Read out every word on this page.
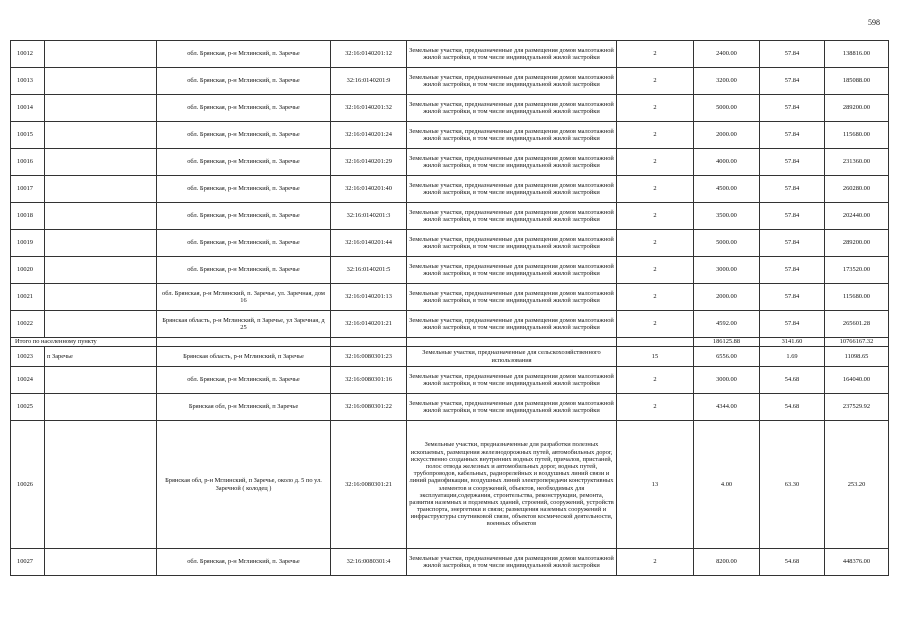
598
10012		обл. Брянская, р-н Мглинский, п. Заречье	32:16:0140201:12	Земельные участки, предназначенные для размещения домов малоэтажной жилой застройки, в том числе индивидуальной жилой застройки	2	2400.00	57.84	138816.00
10013		обл. Брянская, р-н Мглинский, п. Заречье	32:16:0140201:9	Земельные участки, предназначенные для размещения домов малоэтажной жилой застройки, в том числе индивидуальной жилой застройки	2	3200.00	57.84	185088.00
10014		обл. Брянская, р-н Мглинский, п. Заречье	32:16:0140201:32	Земельные участки, предназначенные для размещения домов малоэтажной жилой застройки, в том числе индивидуальной жилой застройки	2	5000.00	57.84	289200.00
10015		обл. Брянская, р-н Мглинский, п. Заречье	32:16:0140201:24	Земельные участки, предназначенные для размещения домов малоэтажной жилой застройки, в том числе индивидуальной жилой застройки	2	2000.00	57.84	115680.00
10016		обл. Брянская, р-н Мглинский, п. Заречье	32:16:0140201:29	Земельные участки, предназначенные для размещения домов малоэтажной жилой застройки, в том числе индивидуальной жилой застройки	2	4000.00	57.84	231360.00
10017		обл. Брянская, р-н Мглинский, п. Заречье	32:16:0140201:40	Земельные участки, предназначенные для размещения домов малоэтажной жилой застройки, в том числе индивидуальной жилой застройки	2	4500.00	57.84	260280.00
10018		обл. Брянская, р-н Мглинский, п. Заречье	32:16:0140201:3	Земельные участки, предназначенные для размещения домов малоэтажной жилой застройки, в том числе индивидуальной жилой застройки	2	3500.00	57.84	202440.00
10019		обл. Брянская, р-н Мглинский, п. Заречье	32:16:0140201:44	Земельные участки, предназначенные для размещения домов малоэтажной жилой застройки, в том числе индивидуальной жилой застройки	2	5000.00	57.84	289200.00
10020		обл. Брянская, р-н Мглинский, п. Заречье	32:16:0140201:5	Земельные участки, предназначенные для размещения домов малоэтажной жилой застройки, в том числе индивидуальной жилой застройки	2	3000.00	57.84	173520.00
10021		обл. Брянская, р-н Мглинский, п. Заречье, ул. Заречная, дом 16	32:16:0140201:13	Земельные участки, предназначенные для размещения домов малоэтажной жилой застройки, в том числе индивидуальной жилой застройки	2	2000.00	57.84	115680.00
10022		Брянская область, р-н Мглинский, п Заречье, ул Заречная, д 25	32:16:0140201:21	Земельные участки, предназначенные для размещения домов малоэтажной жилой застройки, в том числе индивидуальной жилой застройки	2	4592.00	57.84	265601.28
Итого по населенному пункту						186125.88	3141.60	10766167.32
10023	п Заречье	Брянская область, р-н Мглинский, п Заречье	32:16:0080301:23	Земельные участки, предназначенные для сельскохозяйственного использования	15	6556.00	1.69	11098.65
10024		обл. Брянская, р-н Мглинский, п. Заречье	32:16:0080301:16	Земельные участки, предназначенные для размещения домов малоэтажной жилой застройки, в том числе индивидуальной жилой застройки	2	3000.00	54.68	164040.00
10025		Брянская обл, р-н Мглинский, п Заречье	32:16:0080301:22	Земельные участки, предназначенные для размещения домов малоэтажной жилой застройки, в том числе индивидуальной жилой застройки	2	4344.00	54.68	237529.92
10026		Брянская обл, р-н Мглинский, п Заречье, около д. 5 по ул. Заречной ( колодец )	32:16:0080301:21	Земельные участки, предназначенные для разработки полезных ископаемых, размещения железнодорожных путей, автомобильных дорог, искусственно созданных внутренних водных путей, причалов, пристаней, полос отвода железных и автомобильных дорог, водных путей, трубопроводов, кабельных, радиорелейных и воздушных линий связи и линий радиофикации, воздушных линий электропередачи конструктивных элементов и сооружений, объектов, необходимых для эксплуатации,содержания, строительства, реконструкции, ремонта, развития наземных и подземных зданий, строений, сооружений, устройств транспорта, энергетики и связи; размещения наземных сооружений и инфраструктуры спутниковой связи, объектов космической деятельности, военных объектов	13	4.00	63.30	253.20
10027		обл. Брянская, р-н Мглинский, п. Заречье	32:16:0080301:4	Земельные участки, предназначенные для размещения домов малоэтажной жилой застройки, в том числе индивидуальной жилой застройки	2	8200.00	54.68	448376.00
